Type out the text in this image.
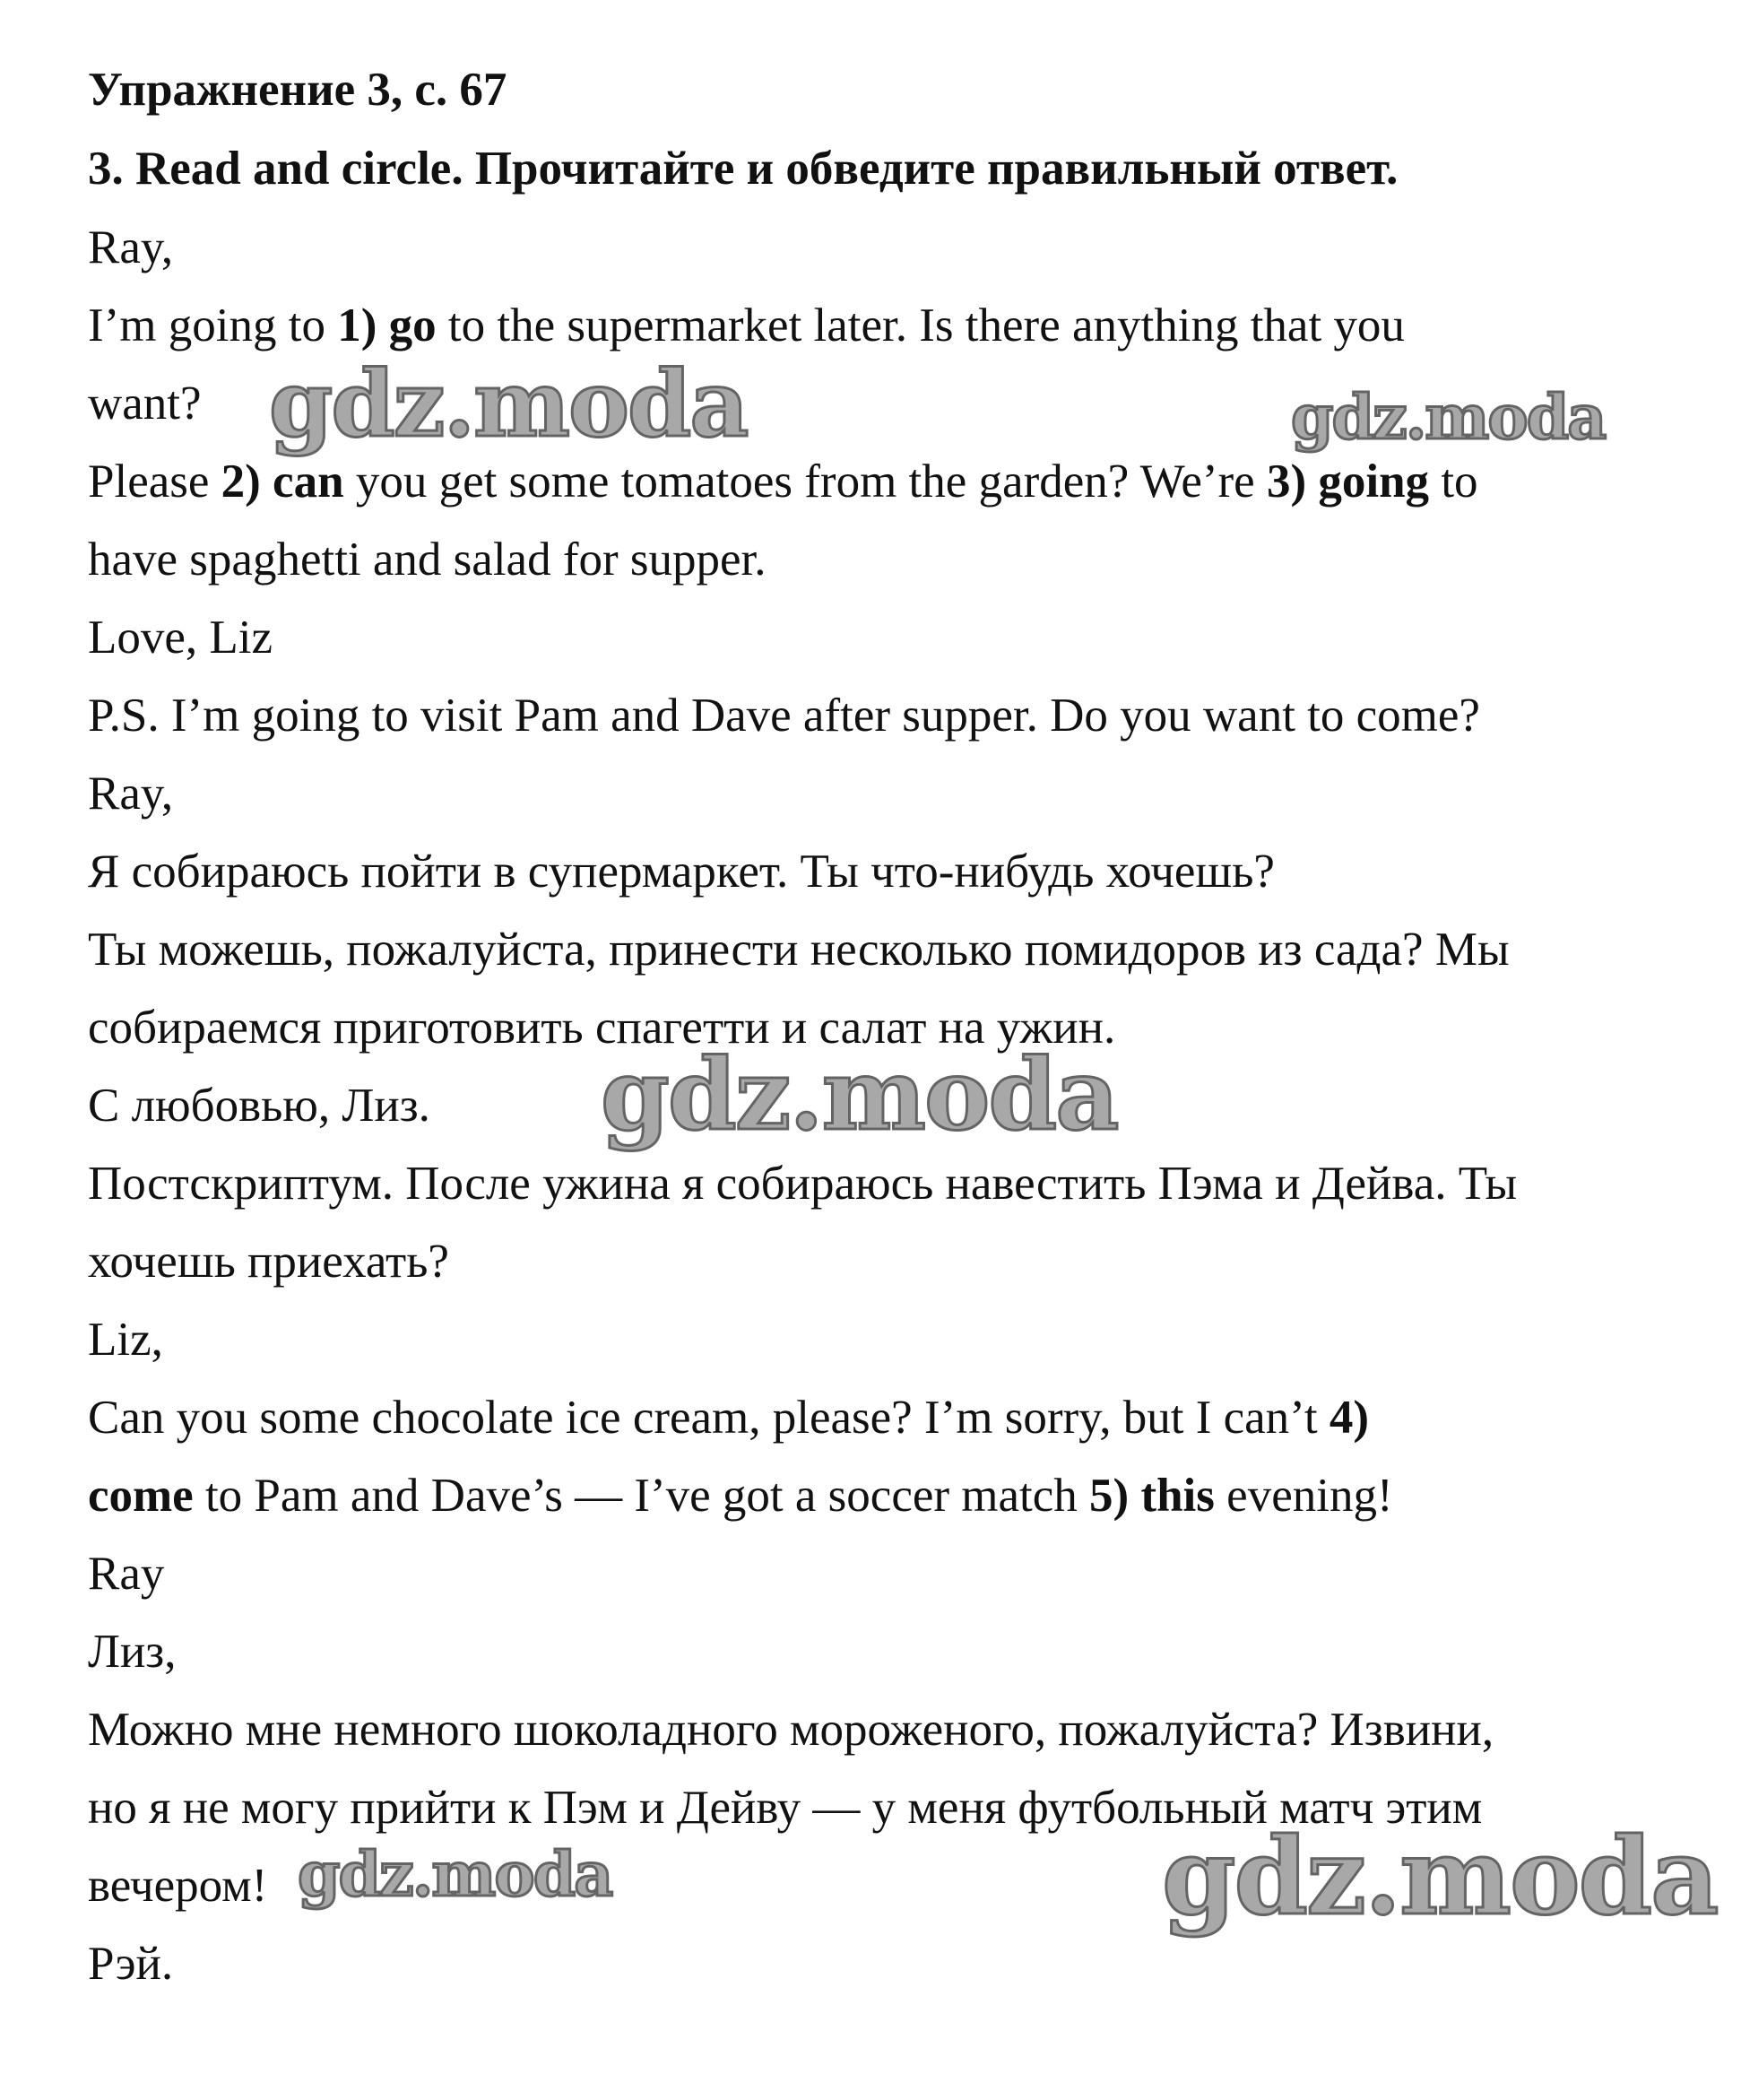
Упражнение 3, с. 67
3. Read and circle. Прочитайте и обведите правильный ответ.
Ray,
I’m going to 1) go to the supermarket later. Is there anything that you
want?
Please 2) can you get some tomatoes from the garden? We’re 3) going to
have spaghetti and salad for supper.
Love, Liz
P.S. I’m going to visit Pam and Dave after supper. Do you want to come?
Ray,
Я собираюсь пойти в супермаркет. Ты что-нибудь хочешь?
Ты можешь, пожалуйста, принести несколько помидоров из сада? Мы
собираемся приготовить спагетти и салат на ужин.
С любовью, Лиз.
Постскриптум. После ужина я собираюсь навестить Пэма и Дейва. Ты
хочешь приехать?
Liz,
Can you some chocolate ice cream, please? I’m sorry, but I can’t 4)
come to Pam and Dave’s — I’ve got a soccer match 5) this evening!
Ray
Лиз,
Можно мне немного шоколадного мороженого, пожалуйста? Извини,
но я не могу прийти к Пэм и Дейву — у меня футбольный матч этим
вечером!
Рэй.
gdz.moda	gdz.moda
gdz.moda
gdz.moda	gdz.moda
